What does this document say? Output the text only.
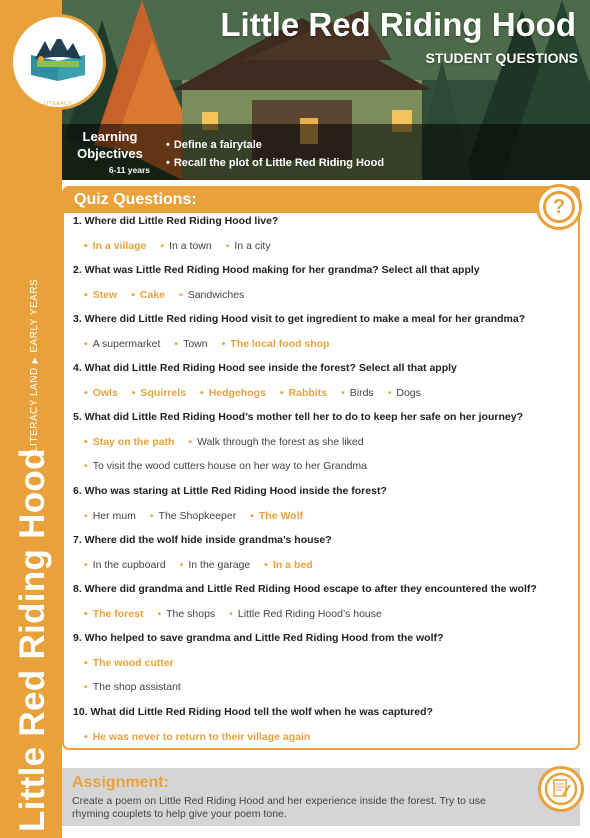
Little Red Riding Hood
LITERACY LAND▶EARLY YEARS
Little Red Riding Hood
STUDENT QUESTIONS
Learning Objectives
6-11 years
• Define a fairytale
• Recall the plot of Little Red Riding Hood
LITERACY
Quiz Questions:	?
1. Where did Little Red Riding Hood live?
• In a village • In a town • In a city
2. What was Little Red Riding Hood making for her grandma? Select all that apply
• Stew • Cake • Sandwiches
3. Where did Little Red riding Hood visit to get ingredient to make a meal for her grandma?
• A supermarket • Town • The local food shop
4. What did Little Red Riding Hood see inside the forest? Select all that apply
• Owls • Squirrels • Hedgehogs • Rabbits • Birds • Dogs
5. What did Little Red Riding Hood’s mother tell her to do to keep her safe on her journey?
• Stay on the path • Walk through the forest as she liked
• To visit the wood cutters house on her way to her Grandma
6. Who was staring at Little Red Riding Hood inside the forest?
• Her mum • The Shopkeeper • The Wolf
7. Where did the wolf hide inside grandma’s house?
• In the cupboard • In the garage • In a bed
8. Where did grandma and Little Red Riding Hood escape to after they encountered the wolf?
• The forest • The shops • Little Red Riding Hood’s house
9. Who helped to save grandma and Little Red Riding Hood from the wolf?
• The wood cutter
• The shop assistant
10. What did Little Red Riding Hood tell the wolf when he was captured?
• He was never to return to their village again
Assignment:
Create a poem on Little Red Riding Hood and her experience inside the forest. Try to use rhyming couplets to help give your poem tone.
